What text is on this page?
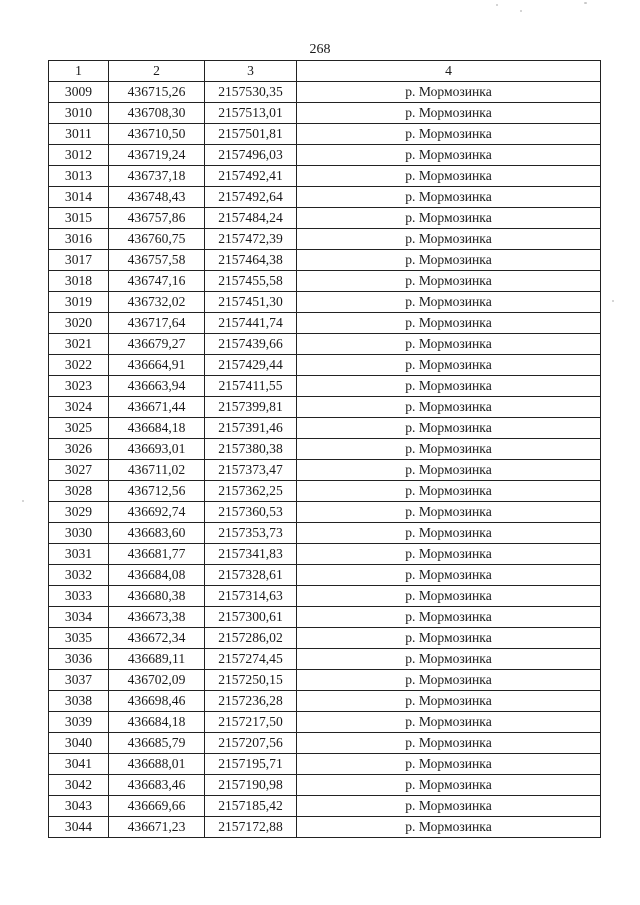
268
1	2	3	4
3009	436715,26	2157530,35	р. Мормозинка
3010	436708,30	2157513,01	р. Мормозинка
3011	436710,50	2157501,81	р. Мормозинка
3012	436719,24	2157496,03	р. Мормозинка
3013	436737,18	2157492,41	р. Мормозинка
3014	436748,43	2157492,64	р. Мормозинка
3015	436757,86	2157484,24	р. Мормозинка
3016	436760,75	2157472,39	р. Мормозинка
3017	436757,58	2157464,38	р. Мормозинка
3018	436747,16	2157455,58	р. Мормозинка
3019	436732,02	2157451,30	р. Мормозинка
3020	436717,64	2157441,74	р. Мормозинка
3021	436679,27	2157439,66	р. Мормозинка
3022	436664,91	2157429,44	р. Мормозинка
3023	436663,94	2157411,55	р. Мормозинка
3024	436671,44	2157399,81	р. Мормозинка
3025	436684,18	2157391,46	р. Мормозинка
3026	436693,01	2157380,38	р. Мормозинка
3027	436711,02	2157373,47	р. Мормозинка
3028	436712,56	2157362,25	р. Мормозинка
3029	436692,74	2157360,53	р. Мормозинка
3030	436683,60	2157353,73	р. Мормозинка
3031	436681,77	2157341,83	р. Мормозинка
3032	436684,08	2157328,61	р. Мормозинка
3033	436680,38	2157314,63	р. Мормозинка
3034	436673,38	2157300,61	р. Мормозинка
3035	436672,34	2157286,02	р. Мормозинка
3036	436689,11	2157274,45	р. Мормозинка
3037	436702,09	2157250,15	р. Мормозинка
3038	436698,46	2157236,28	р. Мормозинка
3039	436684,18	2157217,50	р. Мормозинка
3040	436685,79	2157207,56	р. Мормозинка
3041	436688,01	2157195,71	р. Мормозинка
3042	436683,46	2157190,98	р. Мормозинка
3043	436669,66	2157185,42	р. Мормозинка
3044	436671,23	2157172,88	р. Мормозинка
